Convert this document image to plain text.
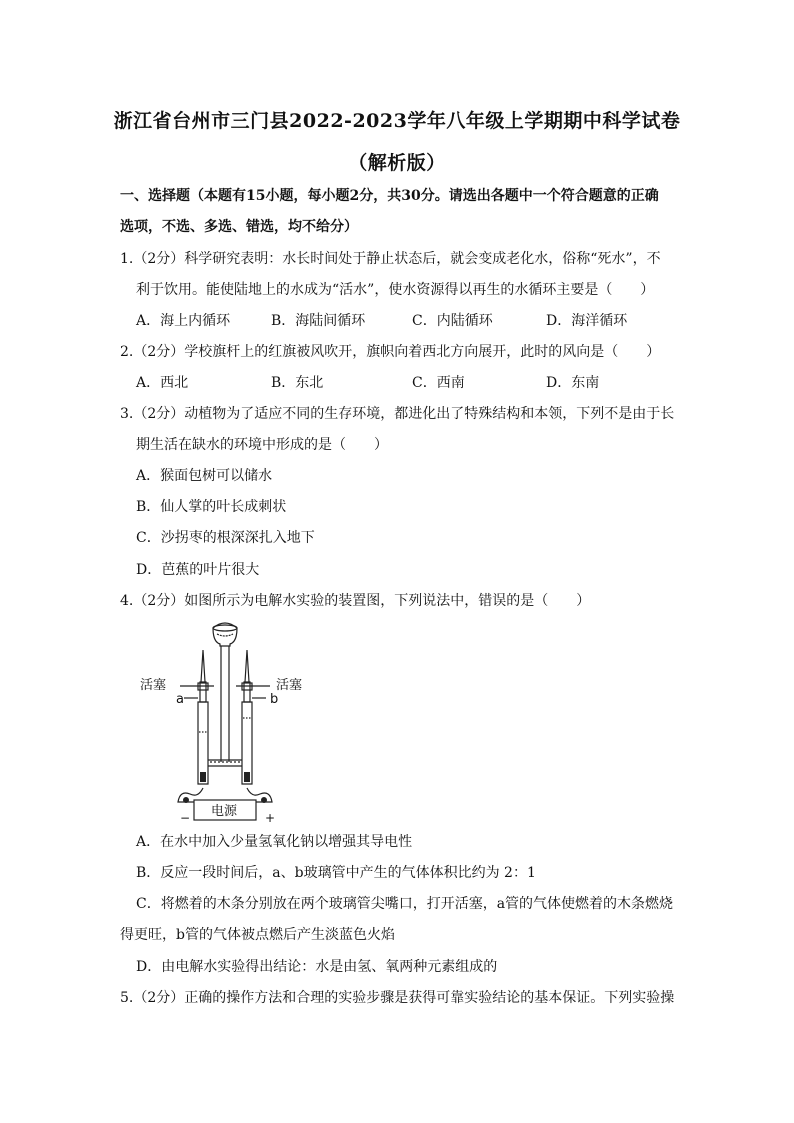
浙江省台州市三门县2022-2023学年八年级上学期期中科学试卷
（解析版）
一、选择题（本题有15小题，每小题2分，共30分。请选出各题中一个符合题意的正确
选项，不选、多选、错选，均不给分）
1.（2分）科学研究表明：水长时间处于静止状态后，就会变成老化水，俗称“死水”，不
利于饮用。能使陆地上的水成为“活水”，使水资源得以再生的水循环主要是（　　）
A．海上内循环	B．海陆间循环	C．内陆循环	D．海洋循环
2.（2分）学校旗杆上的红旗被风吹开，旗帜向着西北方向展开，此时的风向是（　　）
A．西北	B．东北	C．西南	D．东南
3.（2分）动植物为了适应不同的生存环境，都进化出了特殊结构和本领，下列不是由于长
期生活在缺水的环境中形成的是（　　）
A．猴面包树可以储水
B．仙人掌的叶长成刺状
C．沙拐枣的根深深扎入地下
D．芭蕉的叶片很大
4.（2分）如图所示为电解水实验的装置图，下列说法中，错误的是（　　）
活塞	活塞
a	b
电源
−	+
A．在水中加入少量氢氧化钠以增强其导电性
B．反应一段时间后，a、b玻璃管中产生的气体体积比约为 2：1
C．将燃着的木条分别放在两个玻璃管尖嘴口，打开活塞，a管的气体使燃着的木条燃烧
得更旺，b管的气体被点燃后产生淡蓝色火焰
D．由电解水实验得出结论：水是由氢、氧两种元素组成的
5.（2分）正确的操作方法和合理的实验步骤是获得可靠实验结论的基本保证。下列实验操
